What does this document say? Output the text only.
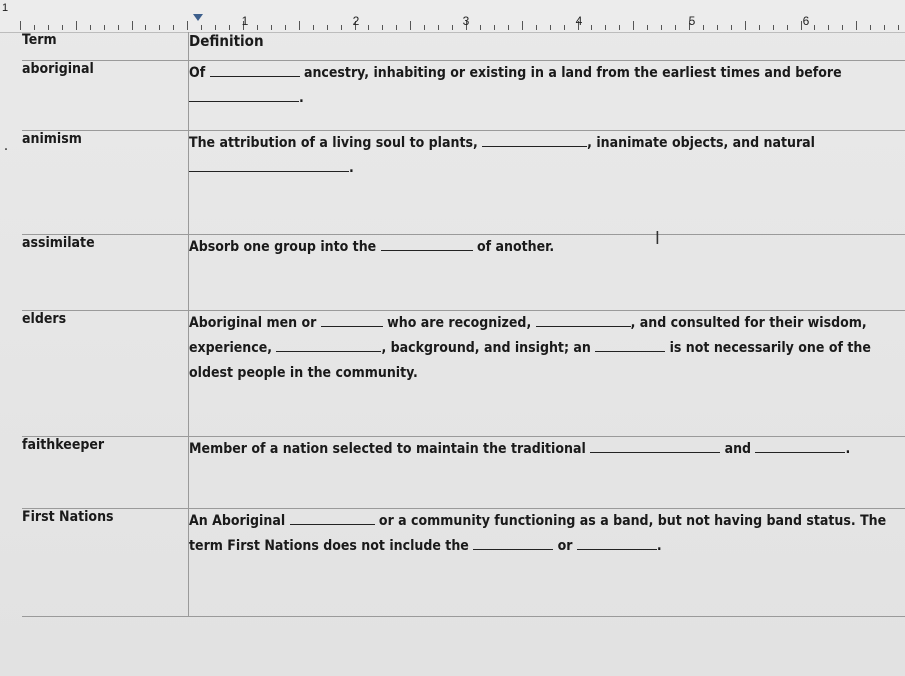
1
1	2	3	4	5	6
·
Term	Definition
aboriginal	Of ancestry, inhabiting or existing in a land from the earliest times and before .
animism	The attribution of a living soul to plants, , inanimate objects, and natural .
assimilate	Absorb one group into the of another.
elders	Aboriginal men or who are recognized, , and consulted for their wisdom, experience, , background, and insight; an is not necessarily one of the oldest people in the community.
faithkeeper	Member of a nation selected to maintain the traditional and .
First Nations	An Aboriginal or a community functioning as a band, but not having band status. The term First Nations does not include the or .
I
